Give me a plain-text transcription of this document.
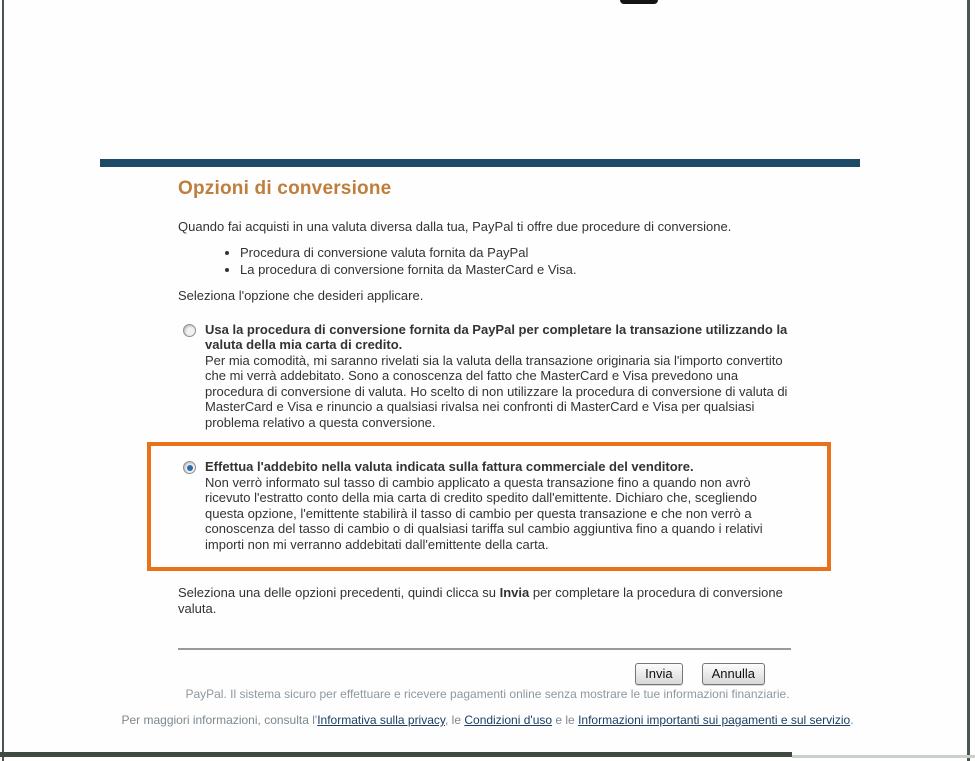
Opzioni di conversione

Quando fai acquisti in una valuta diversa dalla tua, PayPal ti offre due procedure di conversione.

• Procedura di conversione valuta fornita da PayPal
• La procedura di conversione fornita da MasterCard e Visa.

Seleziona l'opzione che desideri applicare.

Usa la procedura di conversione fornita da PayPal per completare la transazione utilizzando la valuta della mia carta di credito.
Per mia comodità, mi saranno rivelati sia la valuta della transazione originaria sia l'importo convertito che mi verrà addebitato. Sono a conoscenza del fatto che MasterCard e Visa prevedono una procedura di conversione di valuta. Ho scelto di non utilizzare la procedura di conversione di valuta di MasterCard e Visa e rinuncio a qualsiasi rivalsa nei confronti di MasterCard e Visa per qualsiasi problema relativo a questa conversione.
Effettua l'addebito nella valuta indicata sulla fattura commerciale del venditore.
Non verrò informato sul tasso di cambio applicato a questa transazione fino a quando non avrò ricevuto l'estratto conto della mia carta di credito spedito dall'emittente. Dichiaro che, scegliendo questa opzione, l'emittente stabilirà il tasso di cambio per questa transazione e che non verrò a conoscenza del tasso di cambio o di qualsiasi tariffa sul cambio aggiuntiva fino a quando i relativi importi non mi verranno addebitati dall'emittente della carta.

Seleziona una delle opzioni precedenti, quindi clicca su Invia per completare la procedura di conversione valuta.

Invia	Annulla
PayPal. Il sistema sicuro per effettuare e ricevere pagamenti online senza mostrare le tue informazioni finanziarie.
Per maggiori informazioni, consulta l'Informativa sulla privacy, le Condizioni d'uso e le Informazioni importanti sui pagamenti e sul servizio.
